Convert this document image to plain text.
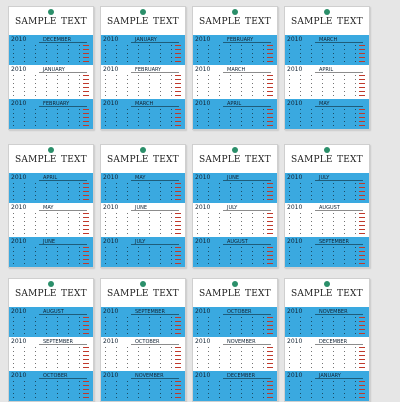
SAMPLE TEXT
2010	DECEMBER
2010	JANUARY
2010	FEBRUARY
SAMPLE TEXT
2010	JANUARY
2010	FEBRUARY
2010	MARCH
SAMPLE TEXT
2010	FEBRUARY
2010	MARCH
2010	APRIL
SAMPLE TEXT
2010	MARCH
2010	APRIL
2010	MAY
SAMPLE TEXT
2010	APRIL
2010	MAY
2010	JUNE
SAMPLE TEXT
2010	MAY
2010	JUNE
2010	JULY
SAMPLE TEXT
2010	JUNE
2010	JULY
2010	AUGUST
SAMPLE TEXT
2010	JULY
2010	AUGUST
2010	SEPTEMBER
SAMPLE TEXT
2010	AUGUST
2010	SEPTEMBER
2010	OCTOBER
SAMPLE TEXT
2010	SEPTEMBER
2010	OCTOBER
2010	NOVEMBER
SAMPLE TEXT
2010	OCTOBER
2010	NOVEMBER
2010	DECEMBER
SAMPLE TEXT
2010	NOVEMBER
2010	DECEMBER
2010	JANUARY
